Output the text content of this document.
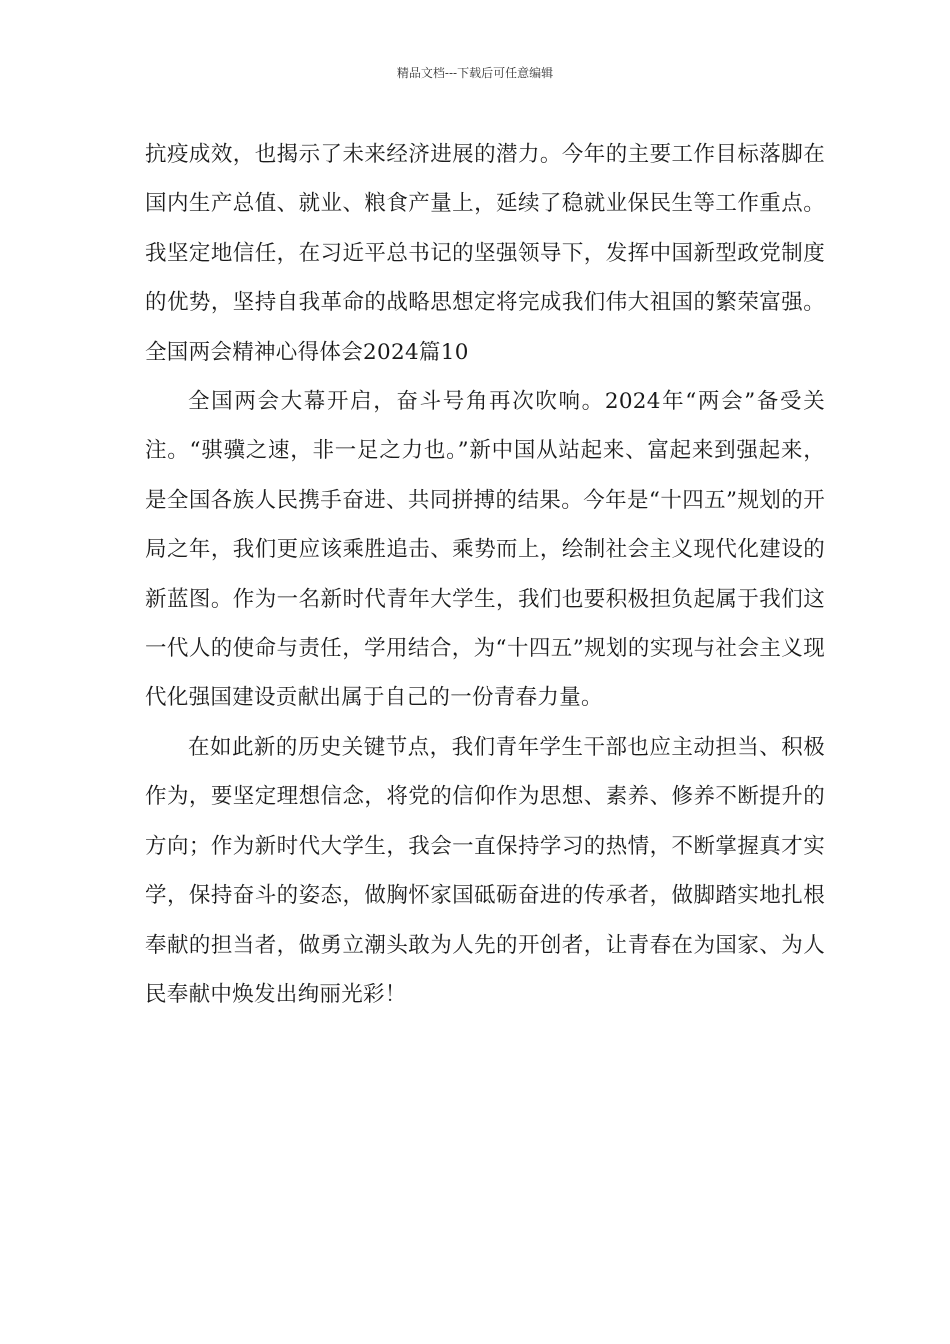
精品文档---下载后可任意编辑

抗疫成效，也揭示了未来经济进展的潜力。今年的主要工作目标落脚在国内生产总值、就业、粮食产量上，延续了稳就业保民生等工作重点。我坚定地信任，在习近平总书记的坚强领导下，发挥中国新型政党制度的优势，坚持自我革命的战略思想定将完成我们伟大祖国的繁荣富强。全国两会精神心得体会2024篇10

全国两会大幕开启，奋斗号角再次吹响。2024年“两会”备受关注。“骐骥之速，非一足之力也。”新中国从站起来、富起来到强起来，是全国各族人民携手奋进、共同拼搏的结果。今年是“十四五”规划的开局之年，我们更应该乘胜追击、乘势而上，绘制社会主义现代化建设的新蓝图。作为一名新时代青年大学生，我们也要积极担负起属于我们这一代人的使命与责任，学用结合，为“十四五”规划的实现与社会主义现代化强国建设贡献出属于自己的一份青春力量。

在如此新的历史关键节点，我们青年学生干部也应主动担当、积极作为，要坚定理想信念，将党的信仰作为思想、素养、修养不断提升的方向；作为新时代大学生，我会一直保持学习的热情，不断掌握真才实学，保持奋斗的姿态，做胸怀家国砥砺奋进的传承者，做脚踏实地扎根奉献的担当者，做勇立潮头敢为人先的开创者，让青春在为国家、为人民奉献中焕发出绚丽光彩！
